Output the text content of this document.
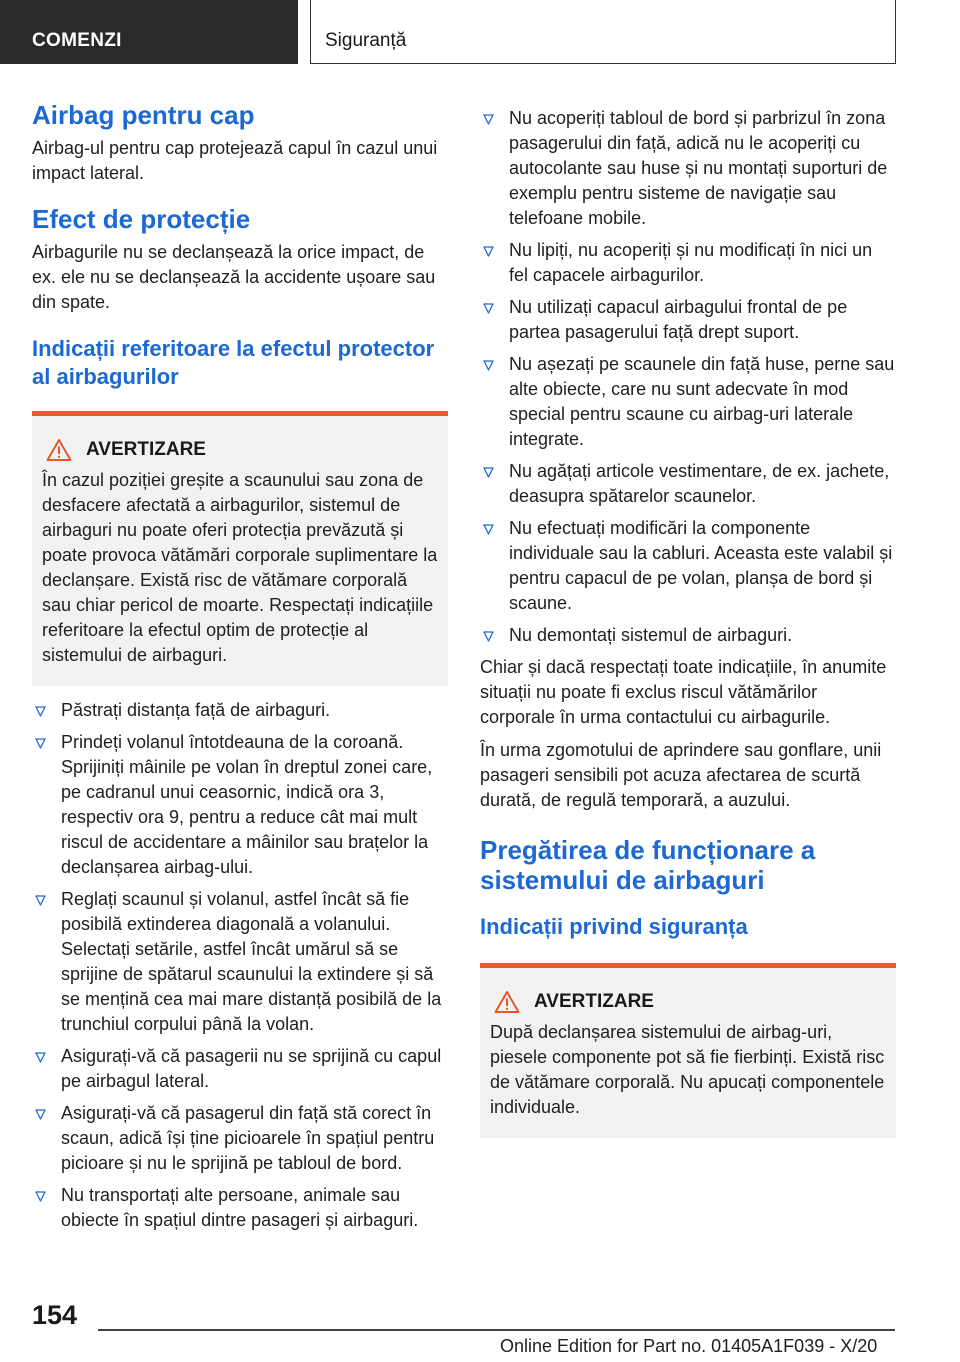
COMENZI	Siguranță
Airbag pentru cap

Airbag-ul pentru cap protejează capul în cazul unui impact lateral.

Efect de protecție

Airbagurile nu se declanșează la orice impact, de ex. ele nu se declanșează la accidente ușoare sau din spate.

Indicații referitoare la efectul protector al airbagurilor
AVERTIZARE
În cazul poziției greșite a scaunului sau zona de desfacere afectată a airbagurilor, sistemul de airbaguri nu poate oferi protecția prevăzută și poate provoca vătămări corporale suplimentare la declanșare. Există risc de vătămare corporală sau chiar pericol de moarte. Respectați indicațiile referitoare la efectul optim de protecție al sistemului de airbaguri.
Păstrați distanța față de airbaguri.
Prindeți volanul întotdeauna de la coroană. Sprijiniți mâinile pe volan în dreptul zonei care, pe cadranul unui ceasornic, indică ora 3, respectiv ora 9, pentru a reduce cât mai mult riscul de accidentare a mâinilor sau brațelor la declanșarea airbag-ului.
Reglați scaunul și volanul, astfel încât să fie posibilă extinderea diagonală a volanului. Selectați setările, astfel încât umărul să se sprijine de spătarul scaunului la extindere și să se mențină cea mai mare distanță posibilă de la trunchiul corpului până la volan.
Asigurați-vă că pasagerii nu se sprijină cu capul pe airbagul lateral.
Asigurați-vă că pasagerul din față stă corect în scaun, adică își ține picioarele în spațiul pentru picioare și nu le sprijină pe tabloul de bord.
Nu transportați alte persoane, animale sau obiecte în spațiul dintre pasageri și airbaguri.
Nu acoperiți tabloul de bord și parbrizul în zona pasagerului din față, adică nu le acoperiți cu autocolante sau huse și nu montați suporturi de exemplu pentru sisteme de navigație sau telefoane mobile.
Nu lipiți, nu acoperiți și nu modificați în nici un fel capacele airbagurilor.
Nu utilizați capacul airbagului frontal de pe partea pasagerului față drept suport.
Nu așezați pe scaunele din față huse, perne sau alte obiecte, care nu sunt adecvate în mod special pentru scaune cu airbag-uri laterale integrate.
Nu agățați articole vestimentare, de ex. jachete, deasupra spătarelor scaunelor.
Nu efectuați modificări la componente individuale sau la cabluri. Aceasta este valabil și pentru capacul de pe volan, planșa de bord și scaune.
Nu demontați sistemul de airbaguri.

Chiar și dacă respectați toate indicațiile, în anumite situații nu poate fi exclus riscul vătămărilor corporale în urma contactului cu airbagurile.

În urma zgomotului de aprindere sau gonflare, unii pasageri sensibili pot acuza afectarea de scurtă durată, de regulă temporară, a auzului.

Pregătirea de funcționare a sistemului de airbaguri
Indicații privind siguranța
AVERTIZARE
După declanșarea sistemului de airbag-uri, piesele componente pot să fie fierbinți. Există risc de vătămare corporală. Nu apucați componentele individuale.
154
Online Edition for Part no. 01405A1F039 - X/20
